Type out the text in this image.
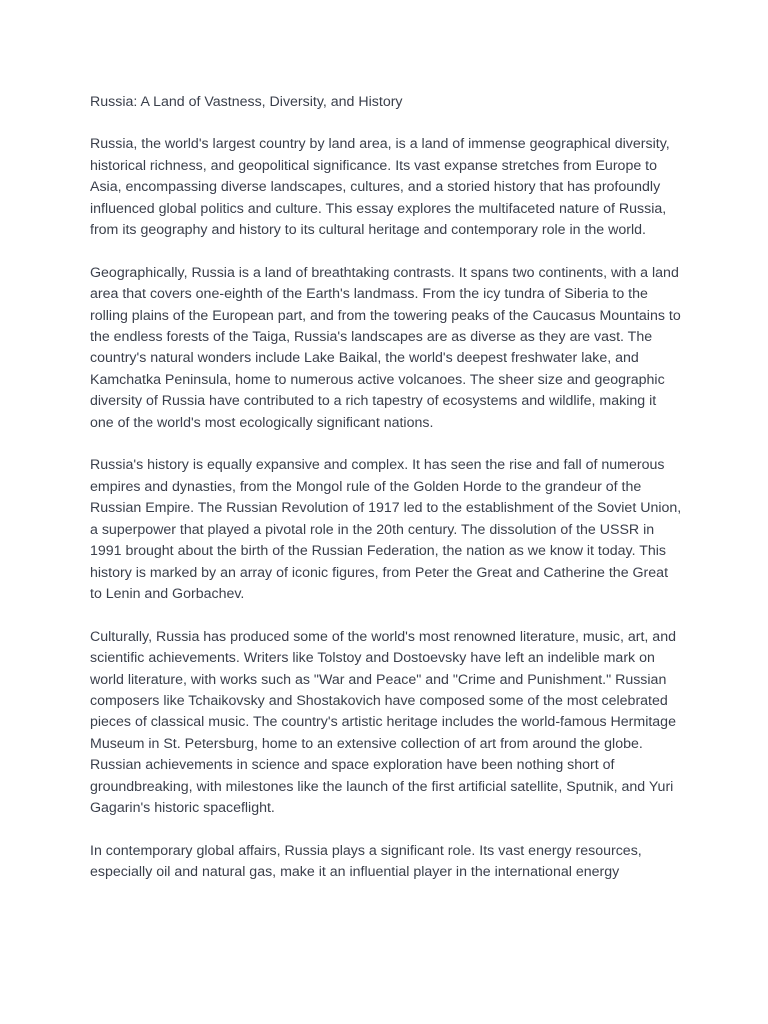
Russia: A Land of Vastness, Diversity, and History

Russia, the world's largest country by land area, is a land of immense geographical diversity, historical richness, and geopolitical significance. Its vast expanse stretches from Europe to Asia, encompassing diverse landscapes, cultures, and a storied history that has profoundly influenced global politics and culture. This essay explores the multifaceted nature of Russia, from its geography and history to its cultural heritage and contemporary role in the world.

Geographically, Russia is a land of breathtaking contrasts. It spans two continents, with a land area that covers one-eighth of the Earth's landmass. From the icy tundra of Siberia to the rolling plains of the European part, and from the towering peaks of the Caucasus Mountains to the endless forests of the Taiga, Russia's landscapes are as diverse as they are vast. The country's natural wonders include Lake Baikal, the world's deepest freshwater lake, and Kamchatka Peninsula, home to numerous active volcanoes. The sheer size and geographic diversity of Russia have contributed to a rich tapestry of ecosystems and wildlife, making it one of the world's most ecologically significant nations.

Russia's history is equally expansive and complex. It has seen the rise and fall of numerous empires and dynasties, from the Mongol rule of the Golden Horde to the grandeur of the Russian Empire. The Russian Revolution of 1917 led to the establishment of the Soviet Union, a superpower that played a pivotal role in the 20th century. The dissolution of the USSR in 1991 brought about the birth of the Russian Federation, the nation as we know it today. This history is marked by an array of iconic figures, from Peter the Great and Catherine the Great to Lenin and Gorbachev.

Culturally, Russia has produced some of the world's most renowned literature, music, art, and scientific achievements. Writers like Tolstoy and Dostoevsky have left an indelible mark on world literature, with works such as "War and Peace" and "Crime and Punishment." Russian composers like Tchaikovsky and Shostakovich have composed some of the most celebrated pieces of classical music. The country's artistic heritage includes the world-famous Hermitage Museum in St. Petersburg, home to an extensive collection of art from around the globe. Russian achievements in science and space exploration have been nothing short of groundbreaking, with milestones like the launch of the first artificial satellite, Sputnik, and Yuri Gagarin's historic spaceflight.

In contemporary global affairs, Russia plays a significant role. Its vast energy resources, especially oil and natural gas, make it an influential player in the international energy
